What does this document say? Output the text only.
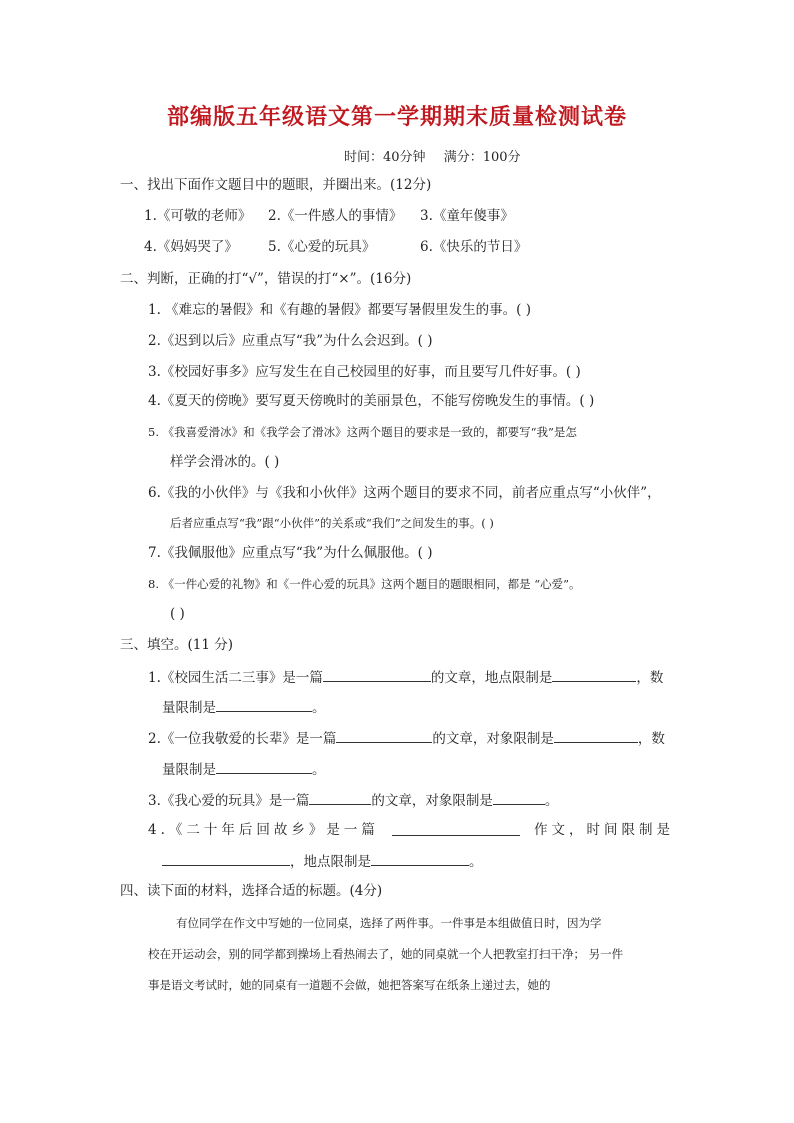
部编版五年级语文第一学期期末质量检测试卷
时间：40分钟 满分：100分
一、找出下面作文题目中的题眼，并圈出来。(12分)
1.《可敬的老师》 2.《一件感人的事情》 3.《童年傻事》
4.《妈妈哭了》 5.《心爱的玩具》	6.《快乐的节日》
二、判断，正确的打“√”，错误的打“×”。(16分)
1. 《难忘的暑假》和《有趣的暑假》都要写暑假里发生的事。( )
2.《迟到以后》应重点写“我”为什么会迟到。( )
3.《校园好事多》应写发生在自己校园里的好事，而且要写几件好事。( )
4.《夏天的傍晚》要写夏天傍晚时的美丽景色，不能写傍晚发生的事情。( )
5. 《我喜爱滑冰》和《我学会了滑冰》这两个题目的要求是一致的，都要写“我”是怎
样学会滑冰的。( )
6.《我的小伙伴》与《我和小伙伴》这两个题目的要求不同，前者应重点写“小伙伴”，
后者应重点写“我”跟“小伙伴”的关系或“我们”之间发生的事。( )
7.《我佩服他》应重点写“我”为什么佩服他。( )
8. 《一件心爱的礼物》和《一件心爱的玩具》这两个题目的题眼相同，都是 “心爱”。
( )
三、填空。(11 分)
1.《校园生活二三事》是一篇	的文章，地点限制是	，数
量限制是	。
2.《一位我敬爱的长辈》是一篇	的文章，对象限制是	，数
量限制是	。
3.《我心爱的玩具》是一篇	的文章，对象限制是	。
4.《二十年后回故乡》是一篇	作文，时间限制是
，地点限制是	。
四、读下面的材料，选择合适的标题。(4分)
有位同学在作文中写她的一位同桌，选择了两件事。一件事是本组做值日时，因为学
校在开运动会，别的同学都到操场上看热闹去了，她的同桌就一个人把教室打扫干净； 另一件
事是语文考试时，她的同桌有一道题不会做，她把答案写在纸条上递过去，她的
